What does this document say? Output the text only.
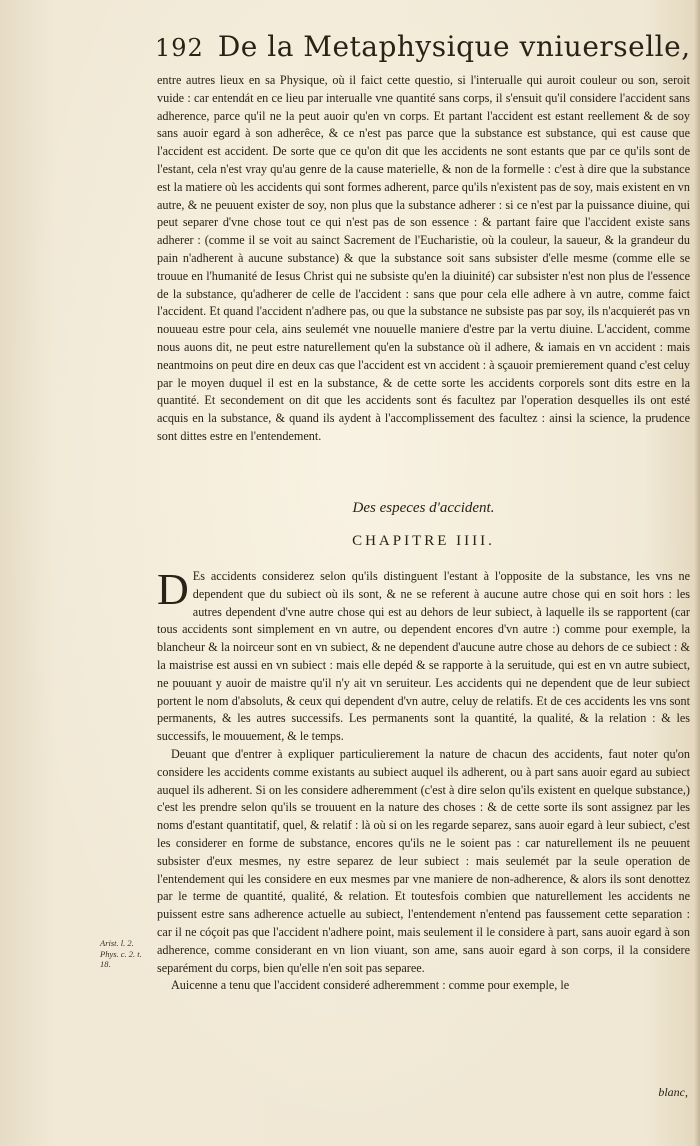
192 De la Metaphysique vniuerselle,

entre autres lieux en sa Physique, où il faict cette questio, si l'interualle qui auroit couleur ou son, seroit vuide : car entendát en ce lieu par interualle vne quantité sans corps, il s'ensuit qu'il considere l'accident sans adherence, parce qu'il ne la peut auoir qu'en vn corps. Et partant l'accident est estant reellement & de soy sans auoir egard à son adherêce, & ce n'est pas parce que la substance est substance, qui est cause que l'accident est accident. De sorte que ce qu'on dit que les accidents ne sont estants que par ce qu'ils sont de l'estant, cela n'est vray qu'au genre de la cause materielle, & non de la formelle : c'est à dire que la substance est la matiere où les accidents qui sont formes adherent, parce qu'ils n'existent pas de soy, mais existent en vn autre, & ne peuuent exister de soy, non plus que la substance adherer : si ce n'est par la puissance diuine, qui peut separer d'vne chose tout ce qui n'est pas de son essence : & partant faire que l'accident existe sans adherer : (comme il se voit au sainct Sacrement de l'Eucharistie, où la couleur, la saueur, & la grandeur du pain n'adherent à aucune substance) & que la substance soit sans subsister d'elle mesme (comme elle se trouue en l'humanité de Iesus Christ qui ne subsiste qu'en la diuinité) car subsister n'est non plus de l'essence de la substance, qu'adherer de celle de l'accident : sans que pour cela elle adhere à vn autre, comme faict l'accident. Et quand l'accident n'adhere pas, ou que la substance ne subsiste pas par soy, ils n'acquierét pas vn nouueau estre pour cela, ains seulemét vne nouuelle maniere d'estre par la vertu diuine. L'accident, comme nous auons dit, ne peut estre naturellement qu'en la substance où il adhere, & iamais en vn accident : mais neantmoins on peut dire en deux cas que l'accident est vn accident : à sçauoir premierement quand c'est celuy par le moyen duquel il est en la substance, & de cette sorte les accidents corporels sont dits estre en la quantité. Et secondement on dit que les accidents sont és facultez par l'operation desquelles ils ont esté acquis en la substance, & quand ils aydent à l'accomplissement des facultez : ainsi la science, la prudence sont dittes estre en l'entendement.

Des especes d'accident.
CHAPITRE IIII.

D Es accidents considerez selon qu'ils distinguent l'estant à l'opposite de la substance, les vns ne dependent que du subiect où ils sont, & ne se referent à aucune autre chose qui en soit hors : les autres dependent d'vne autre chose qui est au dehors de leur subiect, à laquelle ils se rapportent (car tous accidents sont simplement en vn autre, ou dependent encores d'vn autre :) comme pour exemple, la blancheur & la noirceur sont en vn subiect, & ne dependent d'aucune autre chose au dehors de ce subiect : & la maistrise est aussi en vn subiect : mais elle depéd & se rapporte à la seruitude, qui est en vn autre subiect, ne pouuant y auoir de maistre qu'il n'y ait vn seruiteur. Les accidents qui ne dependent que de leur subiect portent le nom d'absoluts, & ceux qui dependent d'vn autre, celuy de relatifs. Et de ces accidents les vns sont permanents, & les autres successifs. Les permanents sont la quantité, la qualité, & la relation : & les successifs, le mouuement, & le temps.

Deuant que d'entrer à expliquer particulierement la nature de chacun des accidents, faut noter qu'on considere les accidents comme existants au subiect auquel ils adherent, ou à part sans auoir egard au subiect auquel ils adherent. Si on les considere adheremment (c'est à dire selon qu'ils existent en quelque substance,) c'est les prendre selon qu'ils se trouuent en la nature des choses : & de cette sorte ils sont assignez par les noms d'estant quantitatif, quel, & relatif : là où si on les regarde separez, sans auoir egard à leur subiect, c'est les considerer en forme de substance, encores qu'ils ne le soient pas : car naturellement ils ne peuuent subsister d'eux mesmes, ny estre separez de leur subiect : mais seulemét par la seule operation de l'entendement qui les considere en eux mesmes par vne maniere de non-adherence, & alors ils sont denottez par le terme de quantité, qualité, & relation. Et toutesfois combien que naturellement les accidents ne puissent estre sans adherence actuelle au subiect, l'entendement n'entend pas faussement cette separation : car il ne cóçoit pas que l'accident n'adhere point, mais seulement il le considere à part, sans auoir egard à son adherence, comme considerant en vn lion viuant, son ame, sans auoir egard à son corps, il la considere separément du corps, bien qu'elle n'en soit pas separee.

Auicenne a tenu que l'accident consideré adheremment : comme pour exemple, le

Arist. l. 2. Phys. c. 2. t. 18.
blanc,
